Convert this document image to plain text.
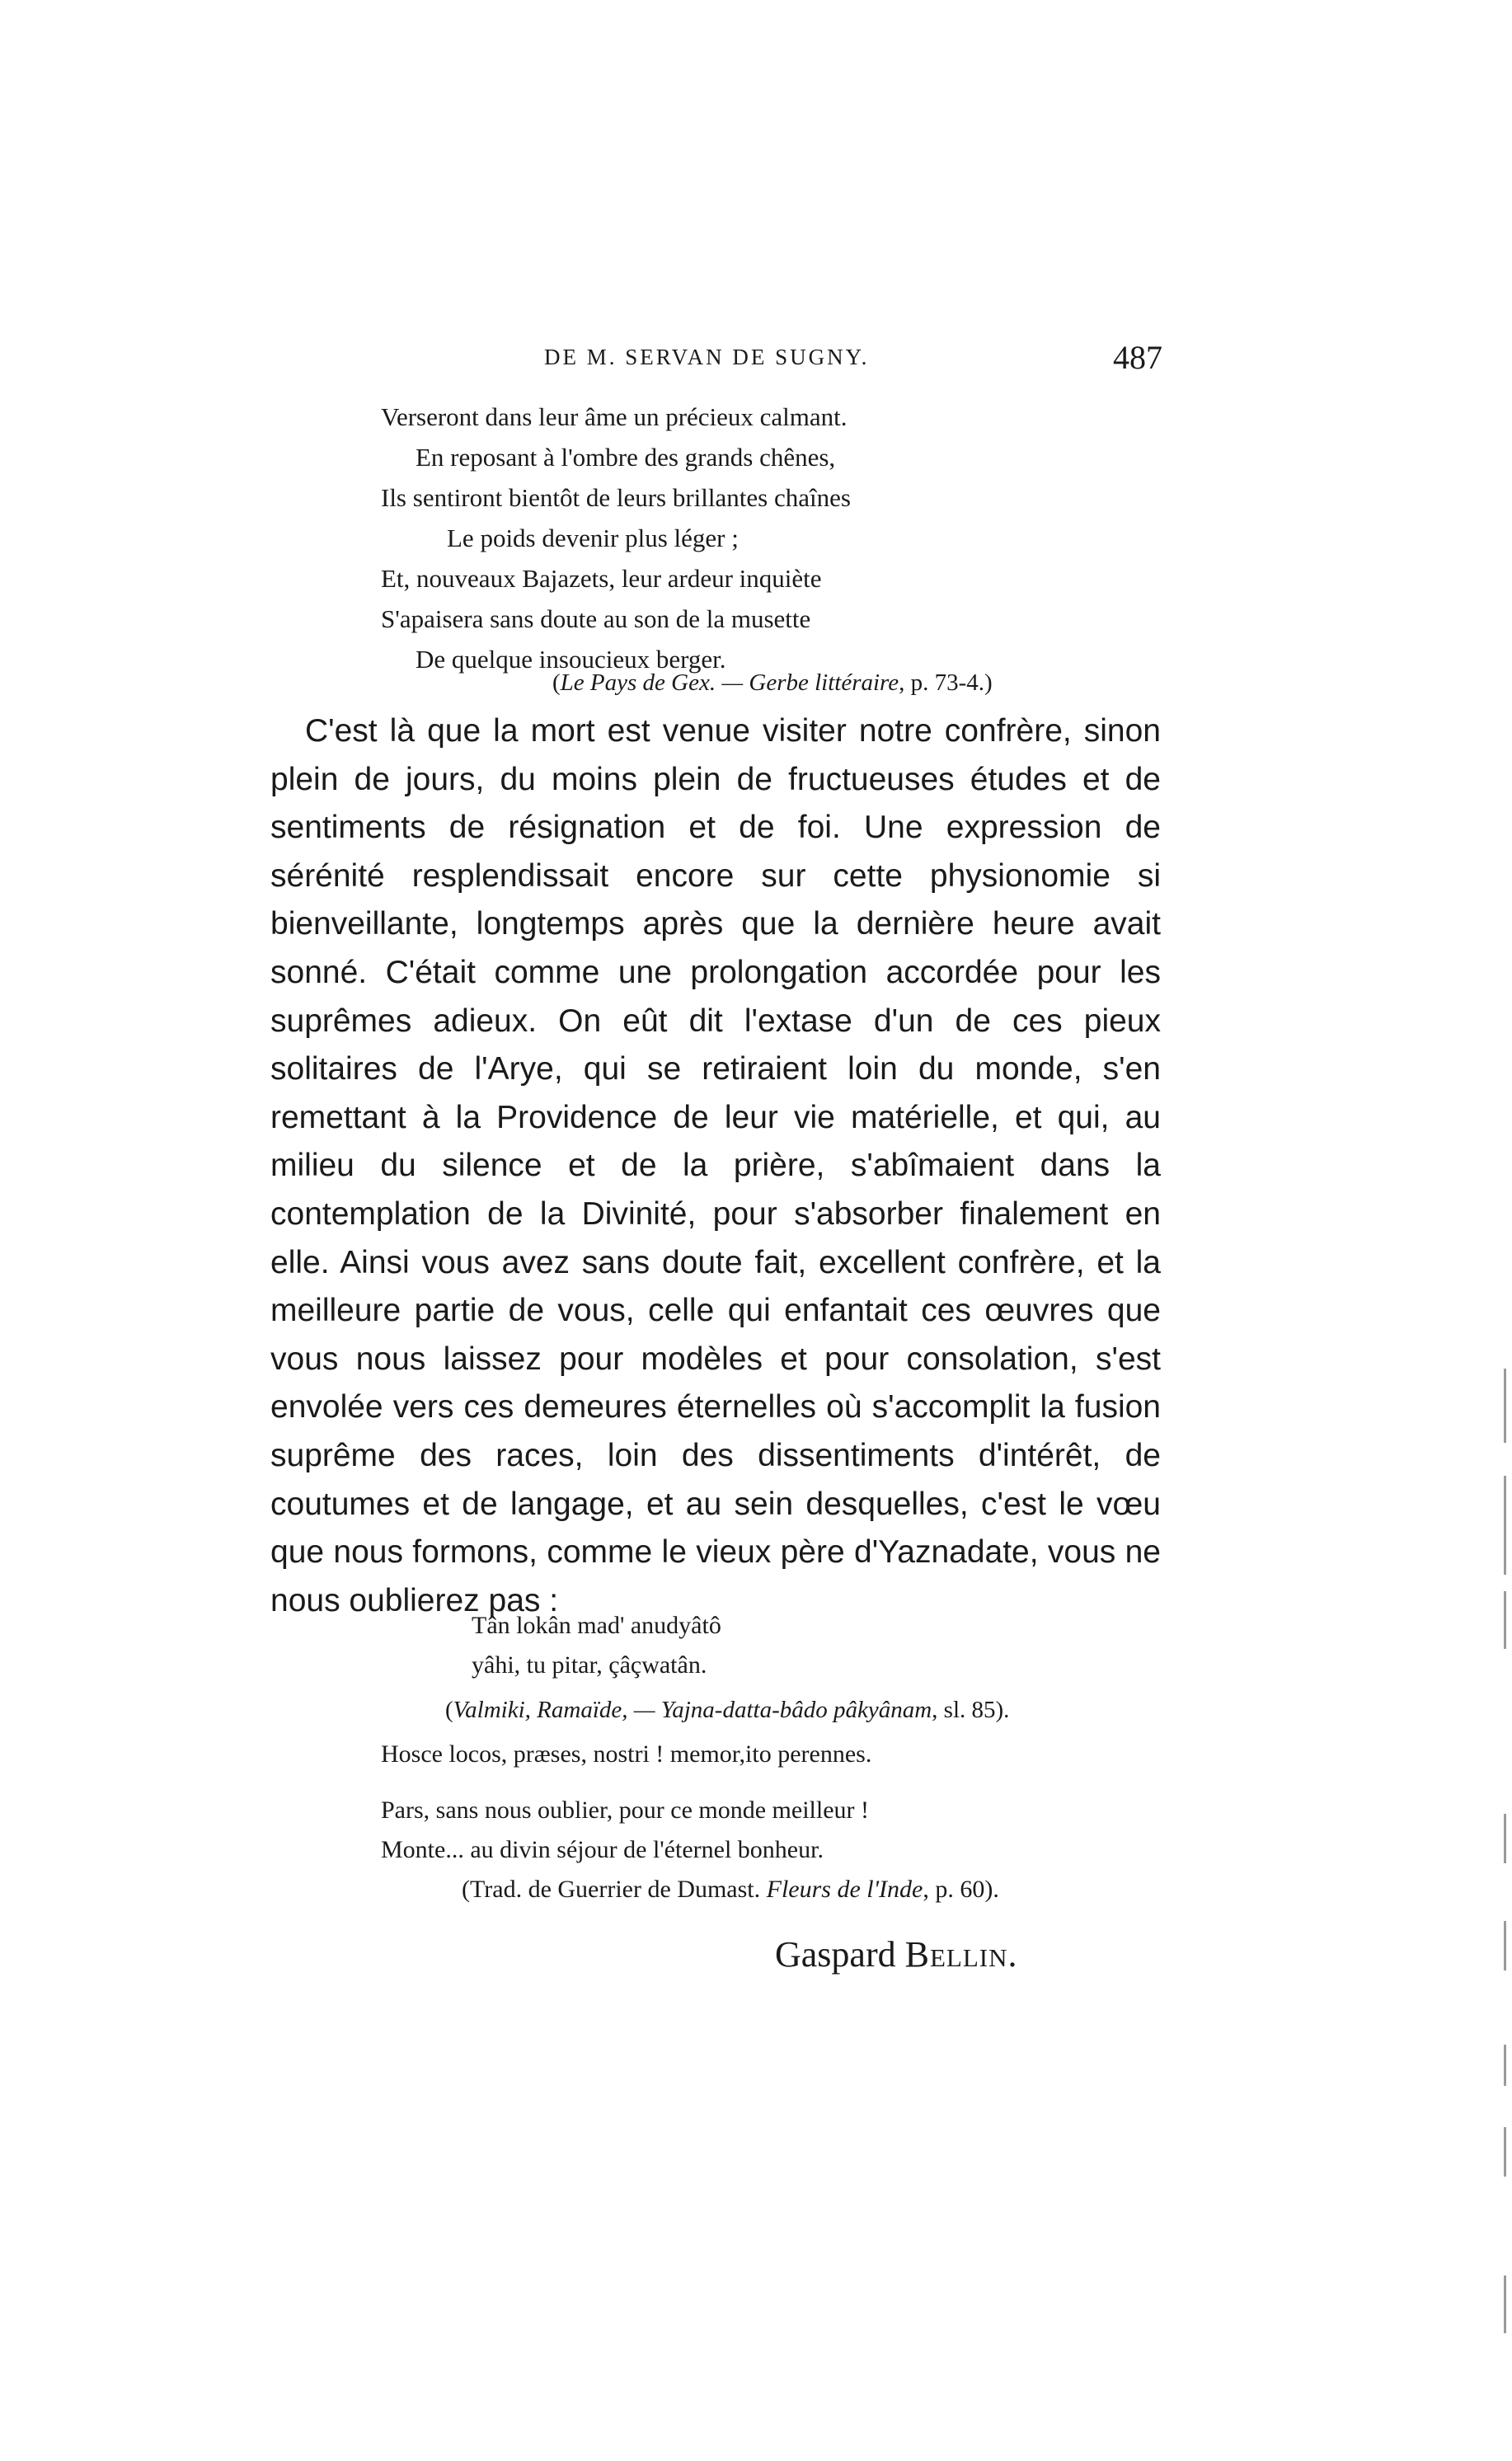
DE M. SERVAN DE SUGNY.	487
Verseront dans leur âme un précieux calmant.
En reposant à l'ombre des grands chênes,
Ils sentiront bientôt de leurs brillantes chaînes
Le poids devenir plus léger ;
Et, nouveaux Bajazets, leur ardeur inquiète
S'apaisera sans doute au son de la musette
De quelque insoucieux berger.
(Le Pays de Gex. — Gerbe littéraire, p. 73-4.)

C'est là que la mort est venue visiter notre confrère, sinon plein de jours, du moins plein de fructueuses études et de sentiments de résignation et de foi. Une expression de sérénité resplendissait encore sur cette physionomie si bienveillante, longtemps après que la dernière heure avait sonné. C'était comme une prolongation accordée pour les suprêmes adieux. On eût dit l'extase d'un de ces pieux solitaires de l'Arye, qui se retiraient loin du monde, s'en remettant à la Providence de leur vie matérielle, et qui, au milieu du silence et de la prière, s'abîmaient dans la contemplation de la Divinité, pour s'absorber finalement en elle. Ainsi vous avez sans doute fait, excellent confrère, et la meilleure partie de vous, celle qui enfantait ces œuvres que vous nous laissez pour modèles et pour consolation, s'est envolée vers ces demeures éternelles où s'accomplit la fusion suprême des races, loin des dissentiments d'intérêt, de coutumes et de langage, et au sein desquelles, c'est le vœu que nous formons, comme le vieux père d'Yaznadate, vous ne nous oublierez pas :

Tân lokân mad' anudyâtô
yâhi, tu pitar, çâçwatân.
(Valmiki, Ramaïde, — Yajna-datta-bâdo pâkyânam, sl. 85).
Hosce locos, præses, nostri ! memor,ito perennes.
Pars, sans nous oublier, pour ce monde meilleur !
Monte... au divin séjour de l'éternel bonheur.
(Trad. de Guerrier de Dumast. Fleurs de l'Inde, p. 60).
Gaspard Bellin.
